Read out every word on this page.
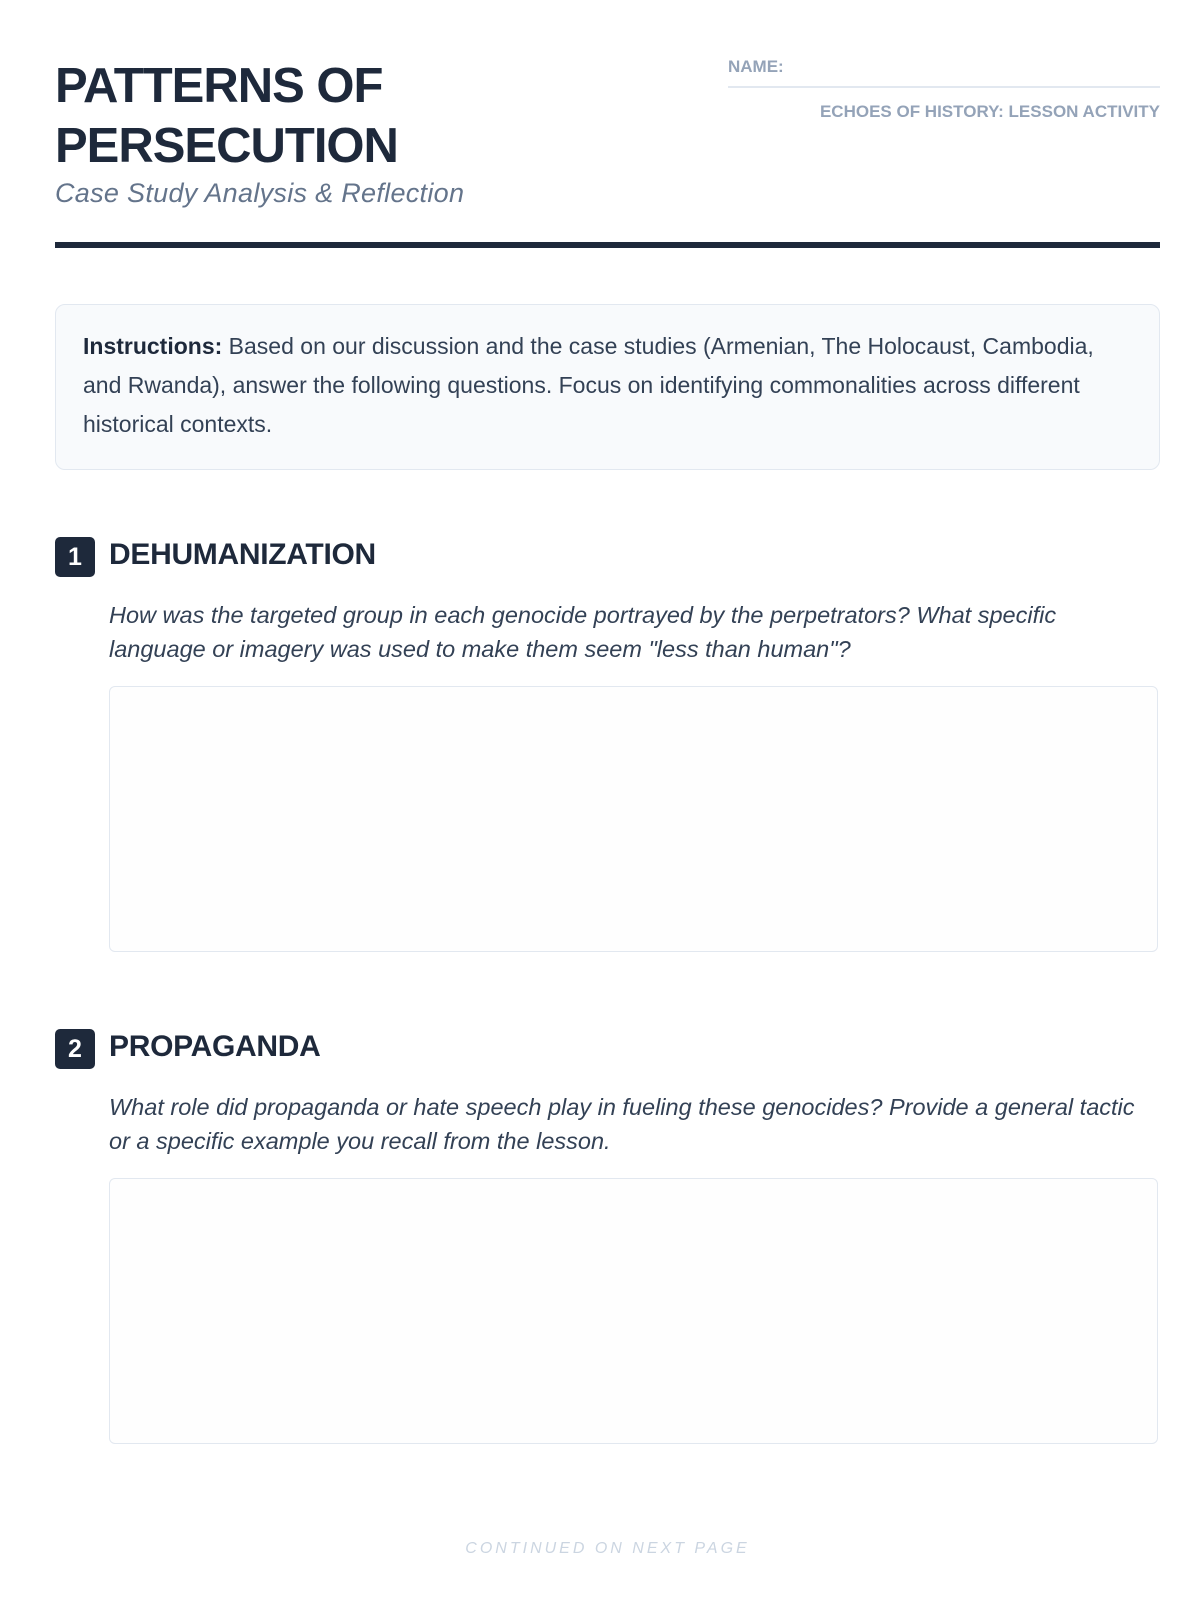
PATTERNS OF PERSECUTION
Case Study Analysis & Reflection
NAME:
ECHOES OF HISTORY: LESSON ACTIVITY
Instructions: Based on our discussion and the case studies (Armenian, The Holocaust, Cambodia, and Rwanda), answer the following questions. Focus on identifying commonalities across different historical contexts.
1 DEHUMANIZATION
How was the targeted group in each genocide portrayed by the perpetrators? What specific language or imagery was used to make them seem "less than human"?
2 PROPAGANDA
What role did propaganda or hate speech play in fueling these genocides? Provide a general tactic or a specific example you recall from the lesson.
CONTINUED ON NEXT PAGE
